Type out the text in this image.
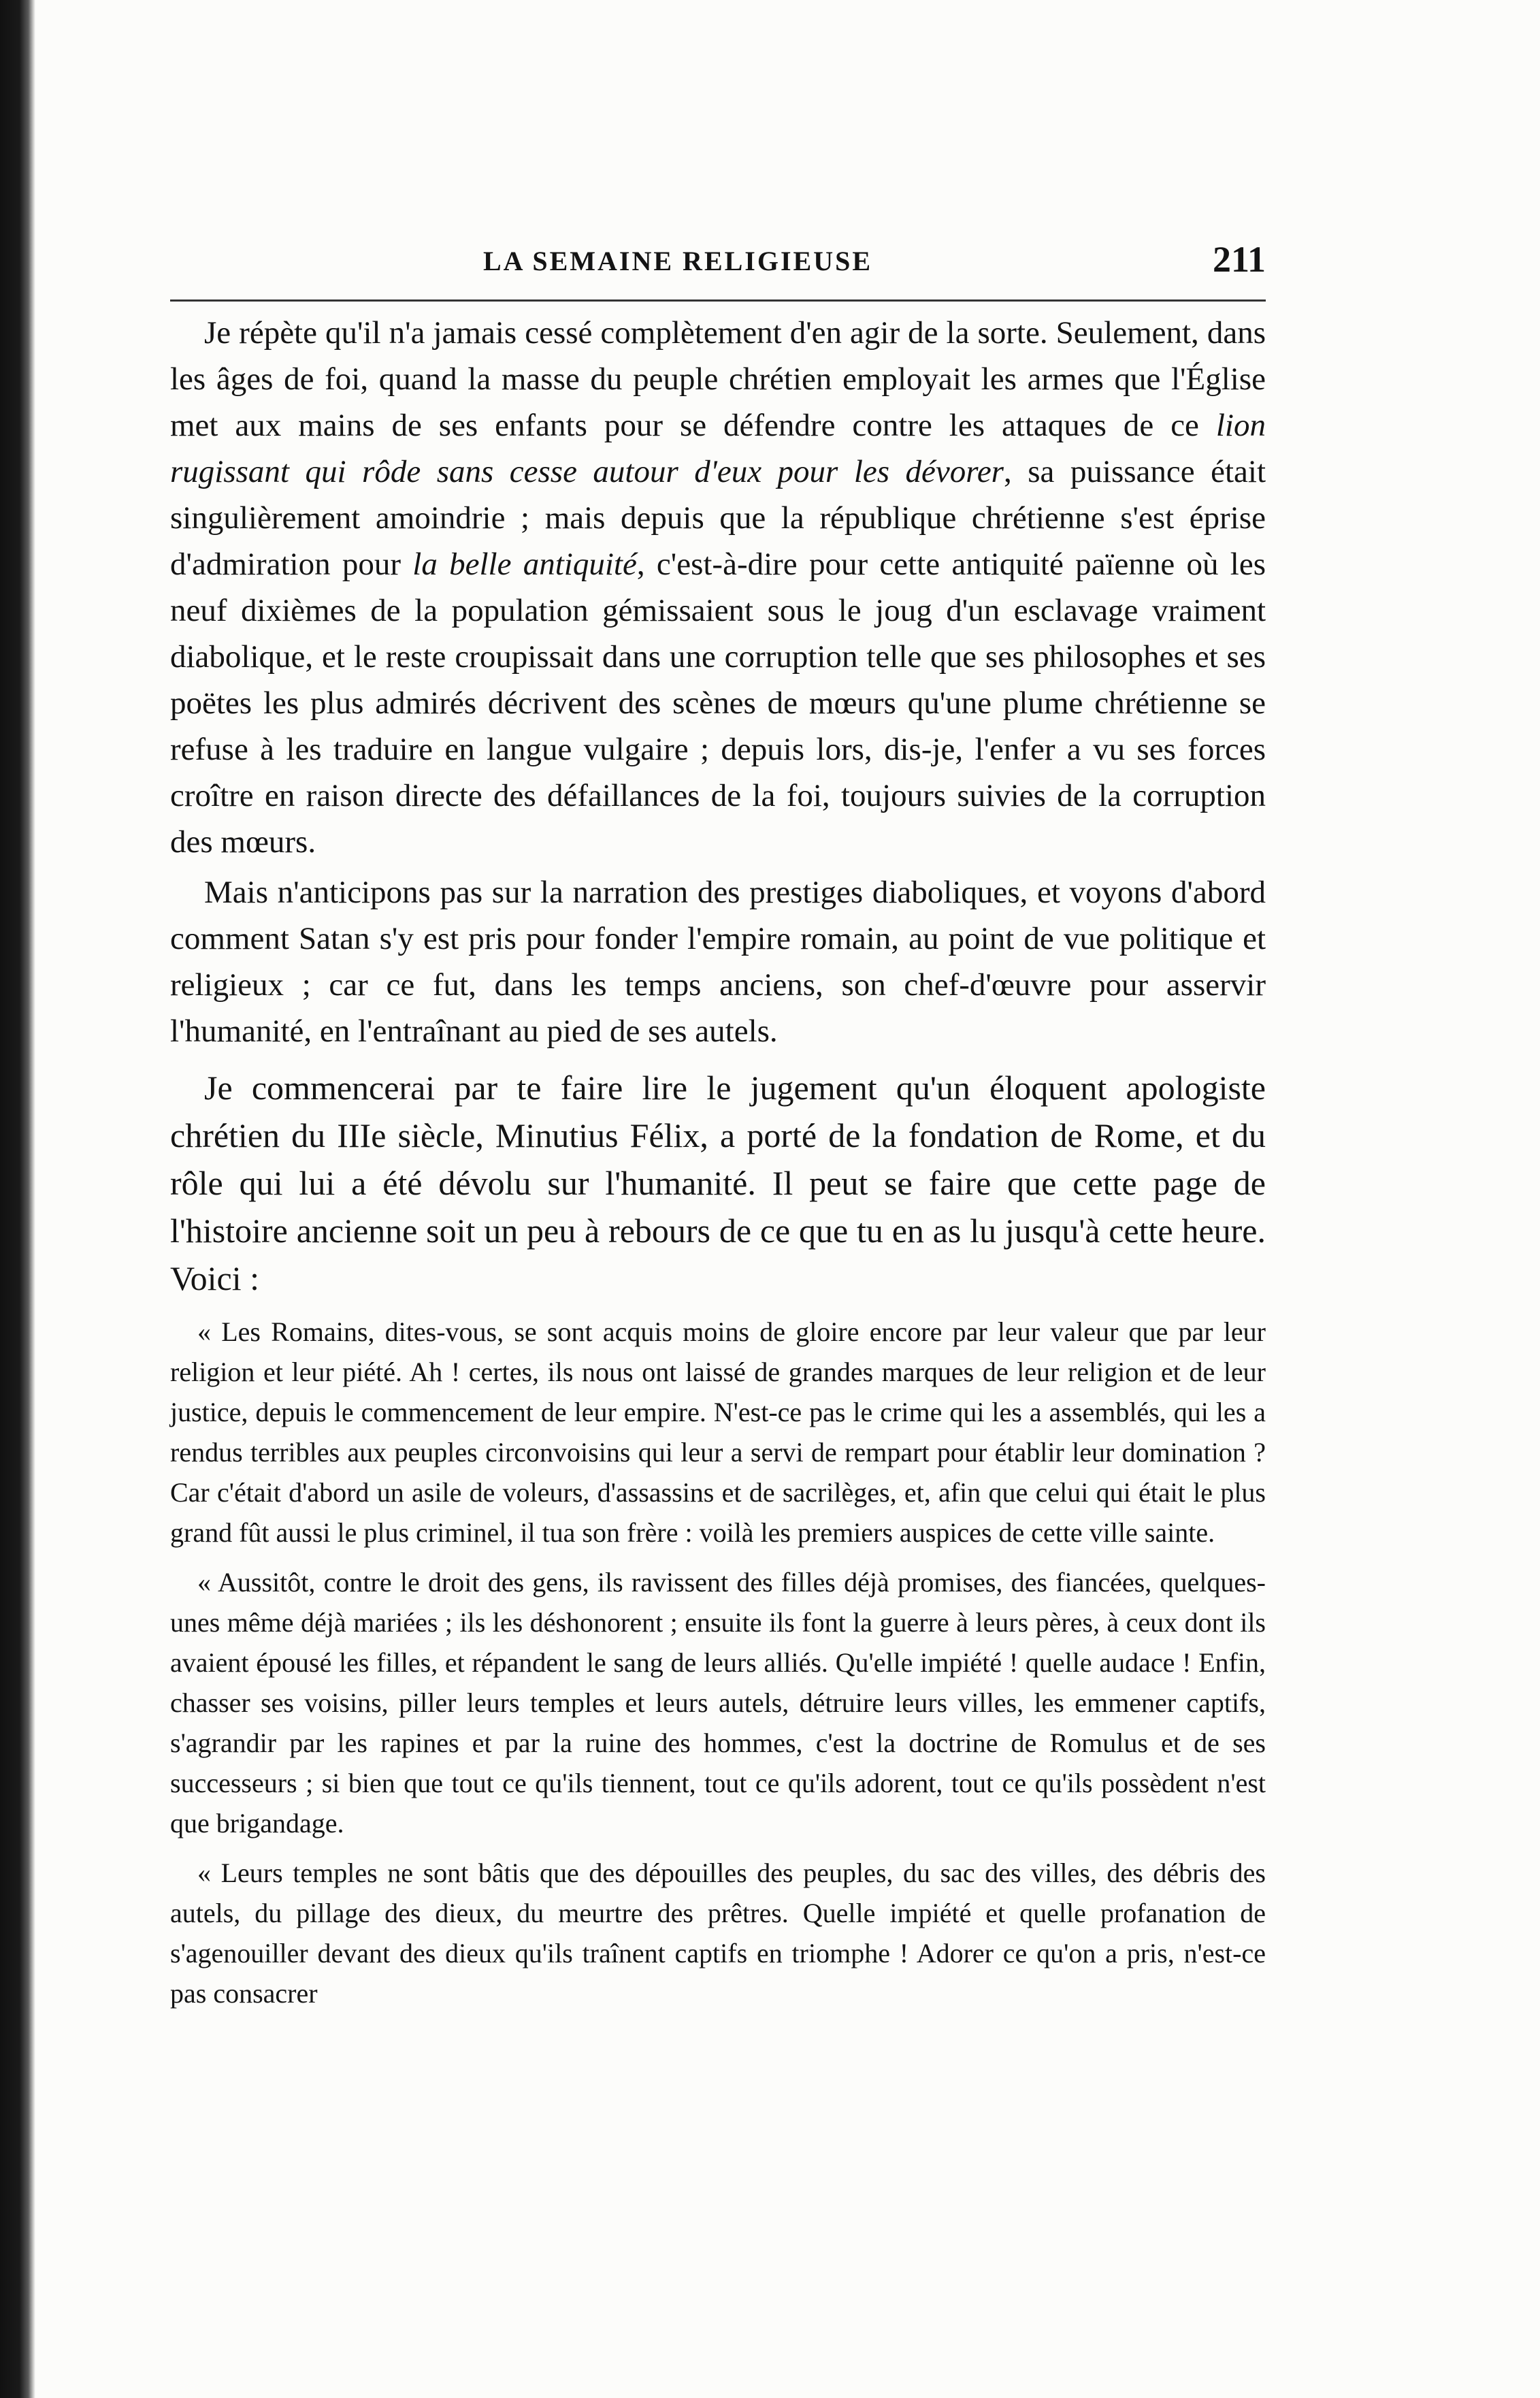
LA SEMAINE RELIGIEUSE	211

Je répète qu'il n'a jamais cessé complètement d'en agir de la sorte. Seulement, dans les âges de foi, quand la masse du peuple chrétien employait les armes que l'Église met aux mains de ses enfants pour se défendre contre les attaques de ce lion rugissant qui rôde sans cesse autour d'eux pour les dévorer, sa puissance était singulièrement amoindrie ; mais depuis que la république chrétienne s'est éprise d'admiration pour la belle antiquité, c'est-à-dire pour cette antiquité païenne où les neuf dixièmes de la population gémissaient sous le joug d'un esclavage vraiment diabolique, et le reste croupissait dans une corruption telle que ses philosophes et ses poëtes les plus admirés décrivent des scènes de mœurs qu'une plume chrétienne se refuse à les traduire en langue vulgaire ; depuis lors, dis-je, l'enfer a vu ses forces croître en raison directe des défaillances de la foi, toujours suivies de la corruption des mœurs.

Mais n'anticipons pas sur la narration des prestiges diaboliques, et voyons d'abord comment Satan s'y est pris pour fonder l'empire romain, au point de vue politique et religieux ; car ce fut, dans les temps anciens, son chef-d'œuvre pour asservir l'humanité, en l'entraînant au pied de ses autels.

Je commencerai par te faire lire le jugement qu'un éloquent apologiste chrétien du IIIe siècle, Minutius Félix, a porté de la fondation de Rome, et du rôle qui lui a été dévolu sur l'humanité. Il peut se faire que cette page de l'histoire ancienne soit un peu à rebours de ce que tu en as lu jusqu'à cette heure. Voici :

« Les Romains, dites-vous, se sont acquis moins de gloire encore par leur valeur que par leur religion et leur piété. Ah ! certes, ils nous ont laissé de grandes marques de leur religion et de leur justice, depuis le commencement de leur empire. N'est-ce pas le crime qui les a assemblés, qui les a rendus terribles aux peuples circonvoisins qui leur a servi de rempart pour établir leur domination ? Car c'était d'abord un asile de voleurs, d'assassins et de sacrilèges, et, afin que celui qui était le plus grand fût aussi le plus criminel, il tua son frère : voilà les premiers auspices de cette ville sainte.

« Aussitôt, contre le droit des gens, ils ravissent des filles déjà promises, des fiancées, quelques-unes même déjà mariées ; ils les déshonorent ; ensuite ils font la guerre à leurs pères, à ceux dont ils avaient épousé les filles, et répandent le sang de leurs alliés. Qu'elle impiété ! quelle audace ! Enfin, chasser ses voisins, piller leurs temples et leurs autels, détruire leurs villes, les emmener captifs, s'agrandir par les rapines et par la ruine des hommes, c'est la doctrine de Romulus et de ses successeurs ; si bien que tout ce qu'ils tiennent, tout ce qu'ils adorent, tout ce qu'ils possèdent n'est que brigandage.

« Leurs temples ne sont bâtis que des dépouilles des peuples, du sac des villes, des débris des autels, du pillage des dieux, du meurtre des prêtres. Quelle impiété et quelle profanation de s'agenouiller devant des dieux qu'ils traînent captifs en triomphe ! Adorer ce qu'on a pris, n'est-ce pas consacrer
